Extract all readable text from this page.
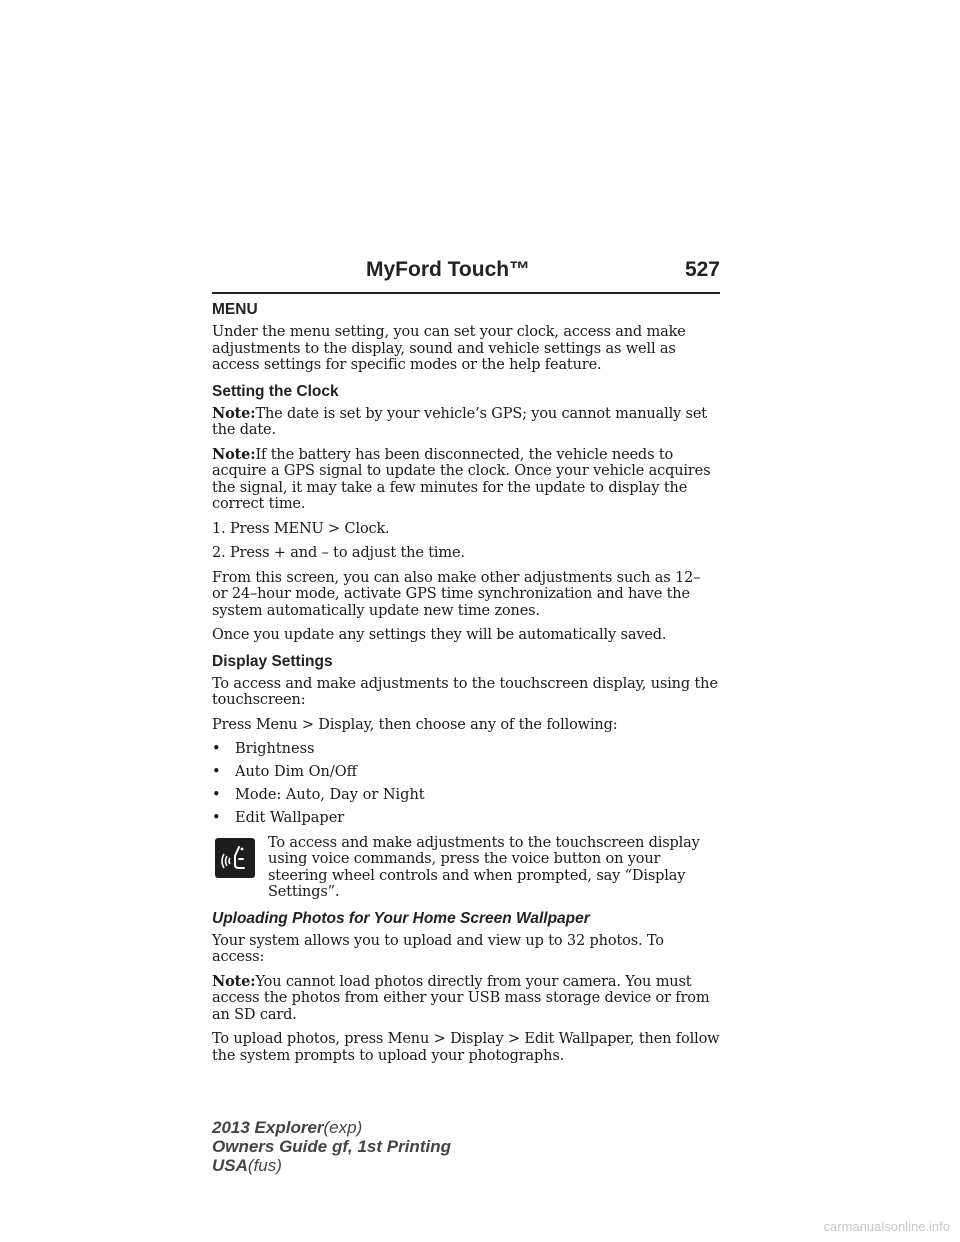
MyFord Touch™	527
MENU

Under the menu setting, you can set your clock, access and make adjustments to the display, sound and vehicle settings as well as access settings for specific modes or the help feature.

Setting the Clock

Note:The date is set by your vehicle’s GPS; you cannot manually set the date.

Note:If the battery has been disconnected, the vehicle needs to acquire a GPS signal to update the clock. Once your vehicle acquires the signal, it may take a few minutes for the update to display the correct time.

1. Press MENU > Clock.

2. Press + and – to adjust the time.

From this screen, you can also make other adjustments such as 12– or 24–hour mode, activate GPS time synchronization and have the system automatically update new time zones.

Once you update any settings they will be automatically saved.

Display Settings

To access and make adjustments to the touchscreen display, using the touchscreen:

Press Menu > Display, then choose any of the following:

• Brightness
• Auto Dim On/Off
• Mode: Auto, Day or Night
• Edit Wallpaper

To access and make adjustments to the touchscreen display using voice commands, press the voice button on your steering wheel controls and when prompted, say “Display Settings”.

Uploading Photos for Your Home Screen Wallpaper

Your system allows you to upload and view up to 32 photos. To access:

Note:You cannot load photos directly from your camera. You must access the photos from either your USB mass storage device or from an SD card.

To upload photos, press Menu > Display > Edit Wallpaper, then follow the system prompts to upload your photographs.

2013 Explorer(exp)
Owners Guide gf, 1st Printing
USA(fus)
carmanualsonline.info
